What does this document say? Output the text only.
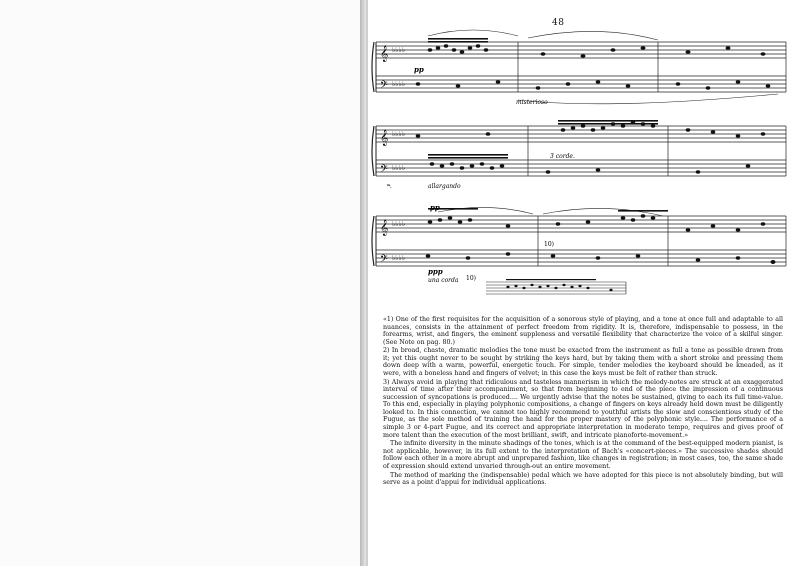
48
𝄞
𝄢
♭♭♭♭
♭♭♭♭
pp
misterioso
𝄞
𝄢
♭♭♭♭
♭♭♭♭
3 corde.
allargando
𝆮.
𝄞
𝄢
♭♭♭♭
♭♭♭♭
pp
10)
ppp
una corda 10)

«1) One of the first requisites for the acquisition of a sonorous style of playing, and a tone at once full and adaptable to all nuances, consists in the attainment of perfect freedom from rigidity. It is, therefore, indispensable to possess, in the forearms, wrist, and fingers, the eminent suppleness and versatile flexibility that characterize the voice of a skilful singer. (See Note on pag. 80.)

2) In broad, chaste, dramatic melodies the tone must be exacted from the instrument as full a tone as possible drawn from it; yet this ought never to be sought by striking the keys hard, but by taking them with a short stroke and pressing them down deep with a warm, powerful, energetic touch. For simple, tender melodies the keyboard should be kneaded, as it were, with a boneless hand and fingers of velvet; in this case the keys must be felt of rather than struck.

3) Always avoid in playing that ridiculous and tasteless mannerism in which the melody-notes are struck at an exaggerated interval of time after their accompaniment, so that from beginning to end of the piece the impression of a continuous succession of syncopations is produced.... We urgently advise that the notes be sustained, giving to each its full time-value. To this end, especially in playing polyphonic compositions, a change of fingers on keys already held down must be diligently looked to. In this connection, we cannot too highly recommend to youthful artists the slow and conscientious study of the Fugue, as the sole method of training the hand for the proper mastery of the polyphonic style.... The performance of a simple 3 or 4-part Fugue, and its correct and appropriate interpretation in moderato tempo, requires and gives proof of more talent than the execution of the most brilliant, swift, and intricate pianoforte-movement.»

The infinite diversity in the minute shadings of the tones, which is at the command of the best-equipped modern pianist, is not applicable, however, in its full extent to the interpretation of Bach's «concert-pieces.» The successive shades should follow each other in a more abrupt and unprepared fashion, like changes in registration; in most cases, too, the same shade of expression should extend unvaried through-out an entire movement.

The method of marking the (indispensable) pedal which we have adopted for this piece is not absolutely binding, but will serve as a point d'appui for individual applications.
